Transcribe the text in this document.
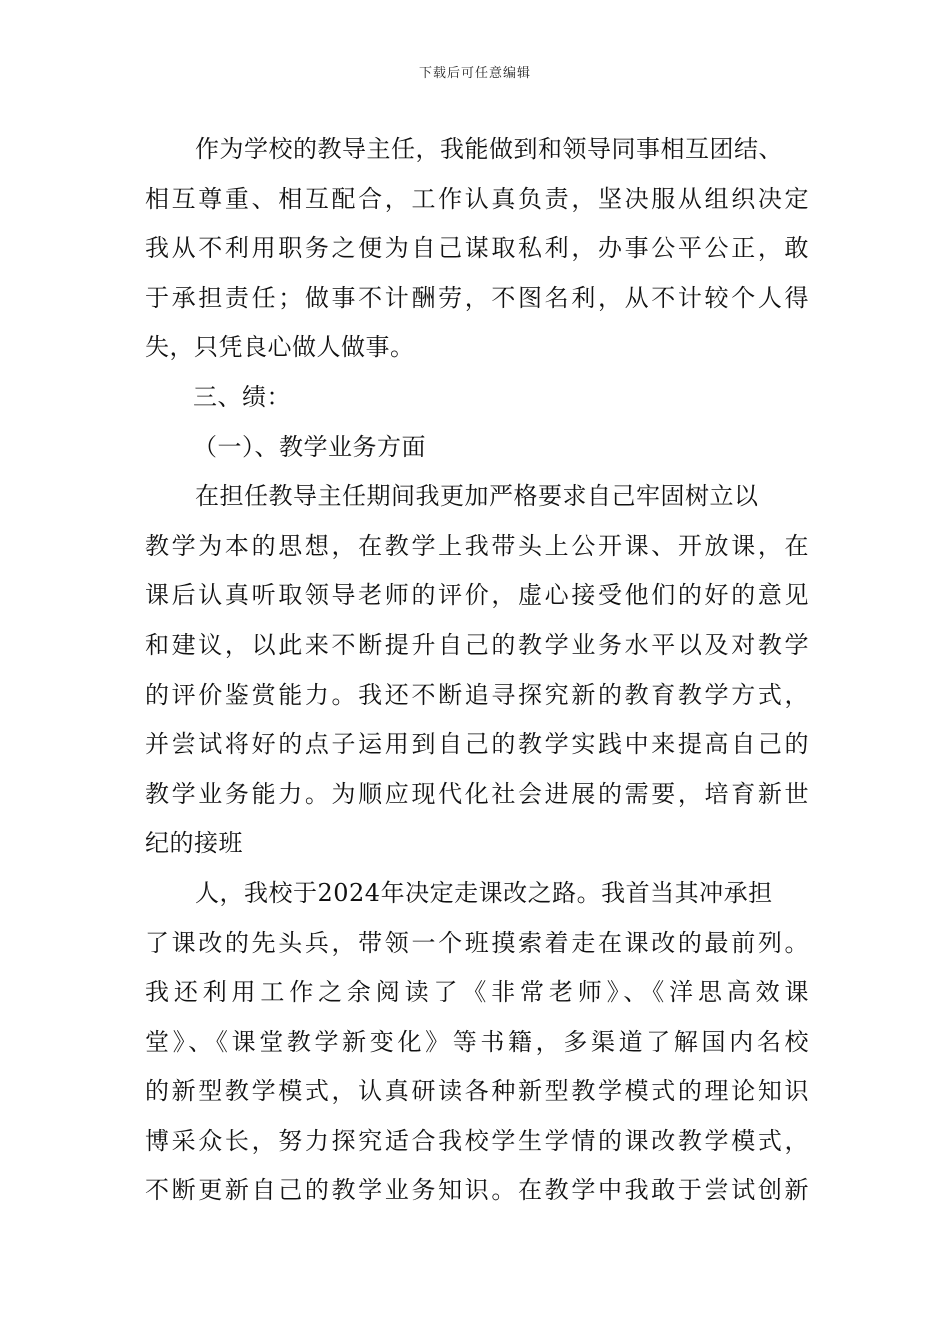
下载后可任意编辑
作为学校的教导主任，我能做到和领导同事相互团结、
相互尊重、相互配合，工作认真负责，坚决服从组织决定
我从不利用职务之便为自己谋取私利，办事公平公正，敢
于承担责任；做事不计酬劳，不图名利，从不计较个人得
失，只凭良心做人做事。
三、绩：
（一）、教学业务方面
在担任教导主任期间我更加严格要求自己牢固树立以
教学为本的思想，在教学上我带头上公开课、开放课，在
课后认真听取领导老师的评价，虚心接受他们的好的意见
和建议，以此来不断提升自己的教学业务水平以及对教学
的评价鉴赏能力。我还不断追寻探究新的教育教学方式，
并尝试将好的点子运用到自己的教学实践中来提高自己的
教学业务能力。为顺应现代化社会进展的需要，培育新世
纪的接班
人，我校于2024年决定走课改之路。我首当其冲承担
了课改的先头兵，带领一个班摸索着走在课改的最前列。
我还利用工作之余阅读了《非常老师》、《洋思高效课
堂》、《课堂教学新变化》等书籍，多渠道了解国内名校
的新型教学模式，认真研读各种新型教学模式的理论知识
博采众长，努力探究适合我校学生学情的课改教学模式，
不断更新自己的教学业务知识。在教学中我敢于尝试创新
